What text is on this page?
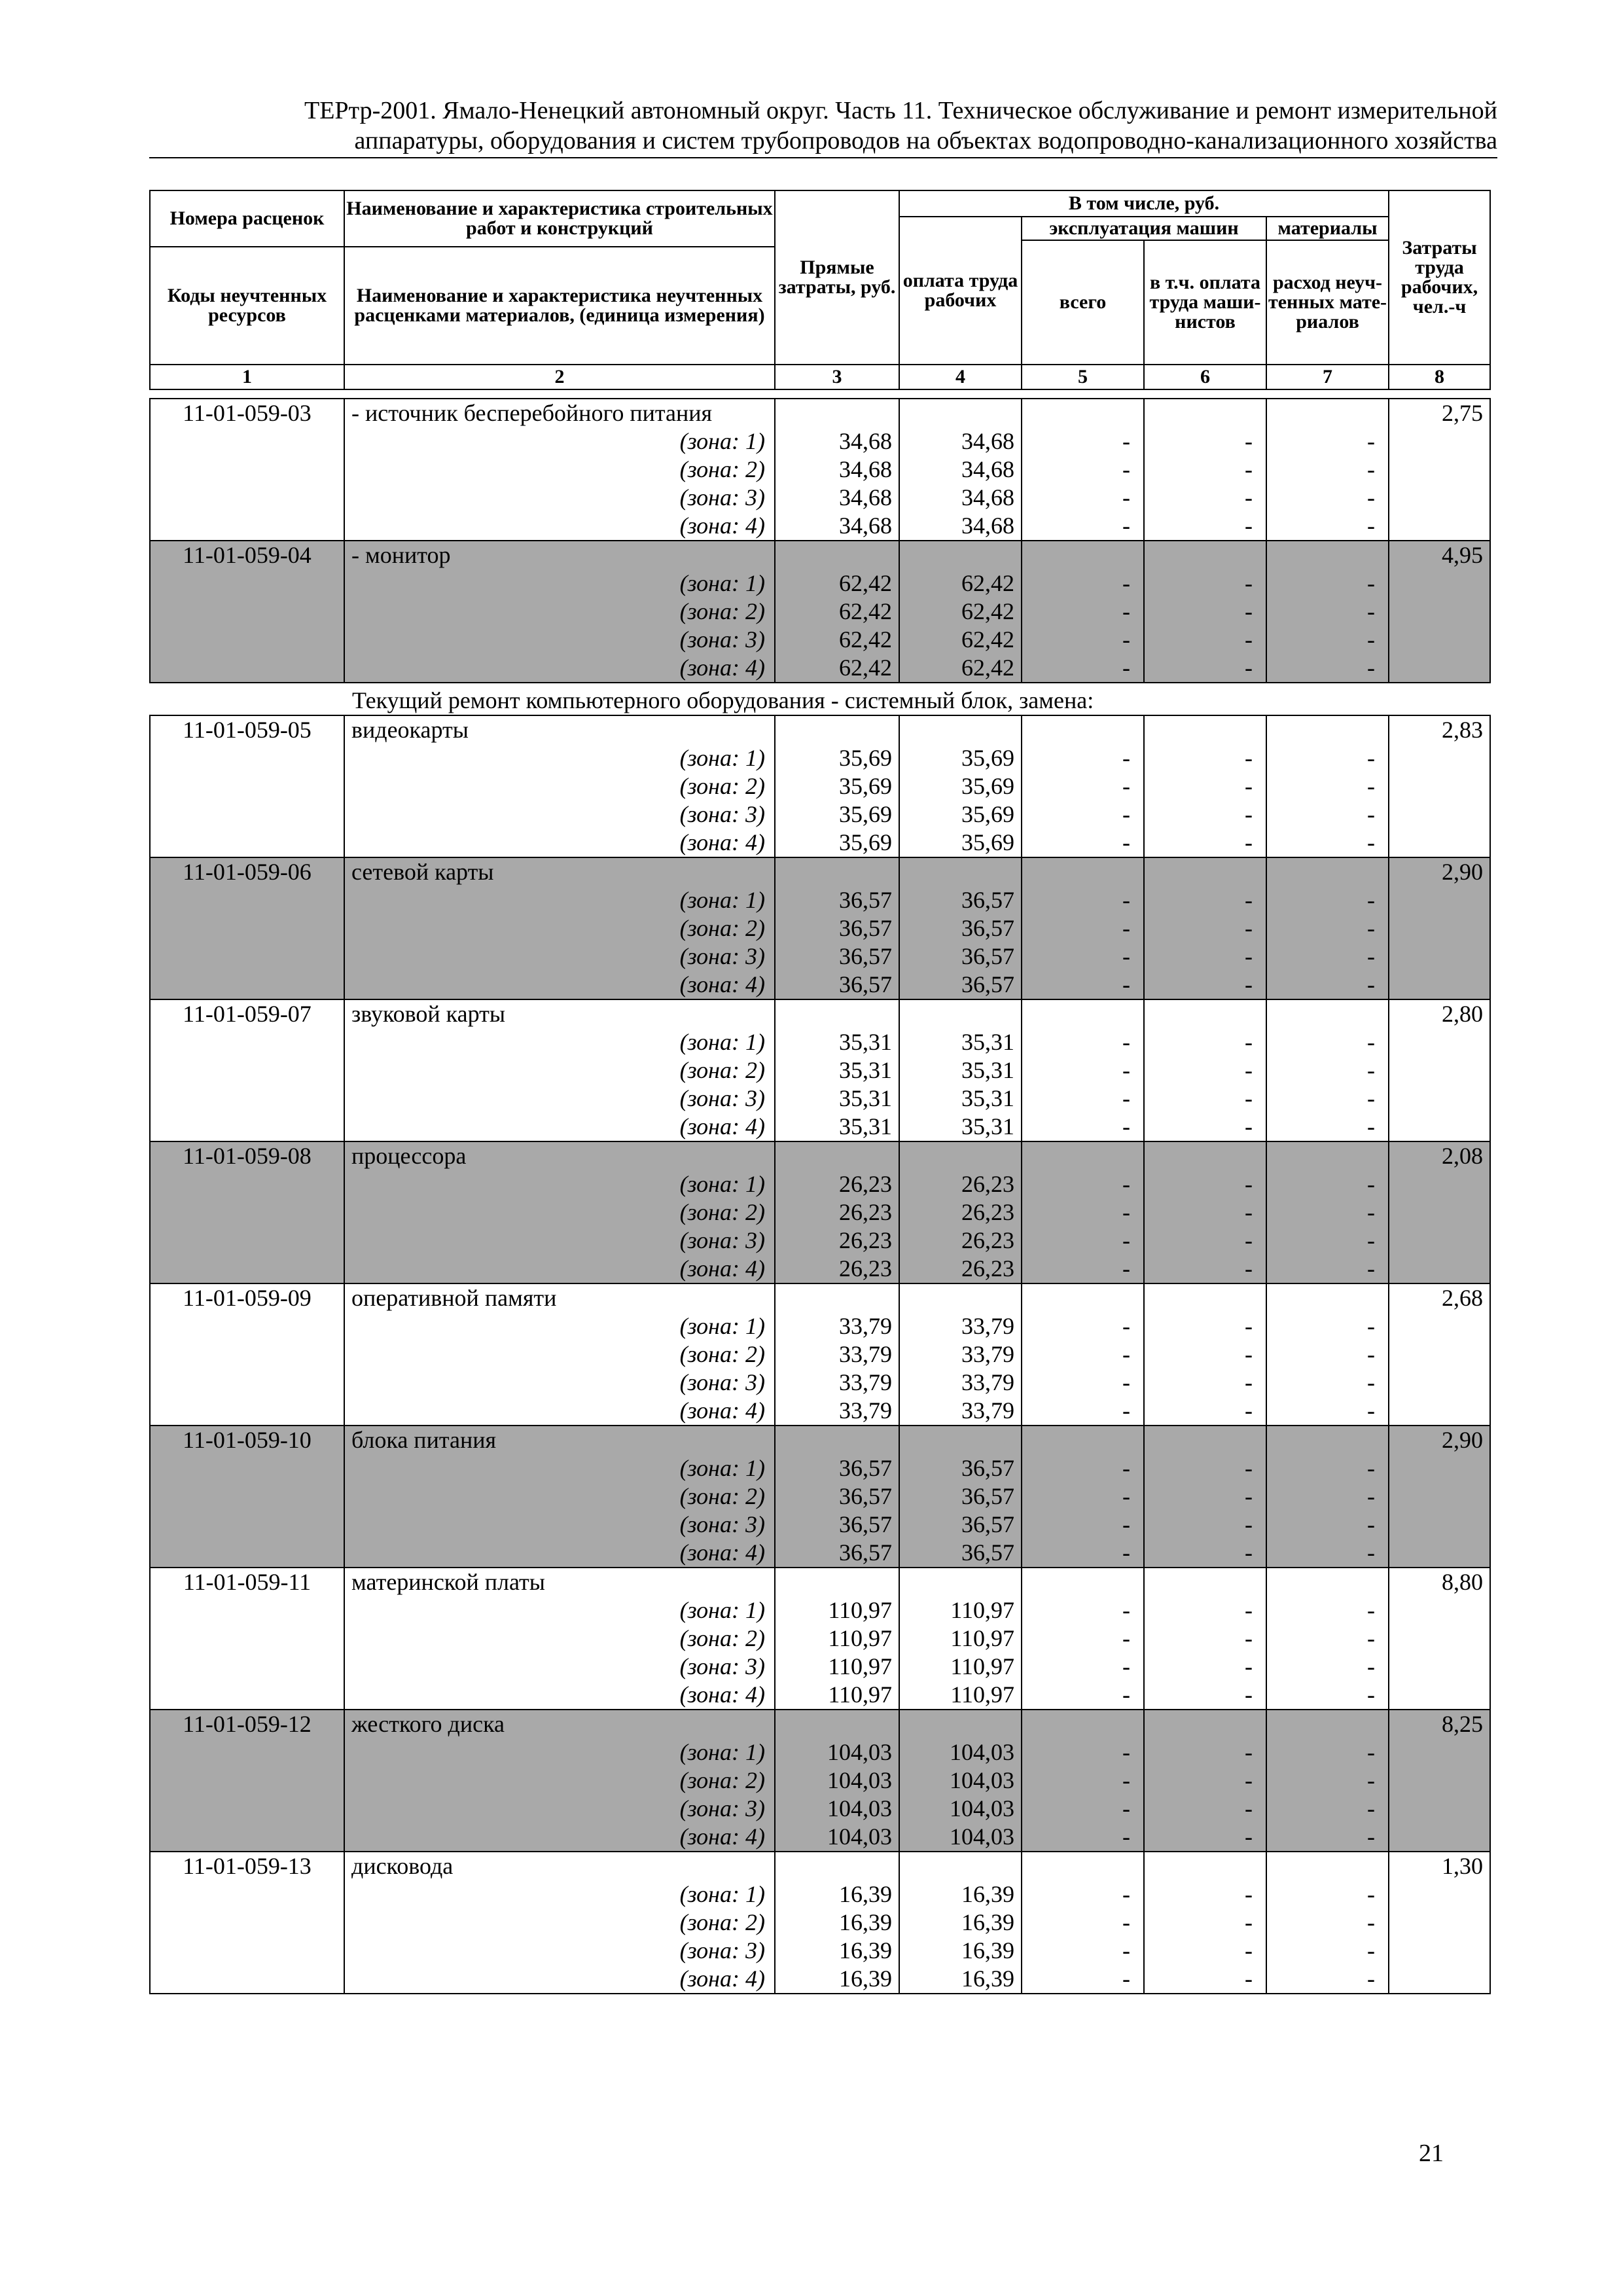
ТЕРтр-2001. Ямало-Ненецкий автономный округ. Часть 11. Техническое обслуживание и ремонт измерительной
аппаратуры, оборудования и систем трубопроводов на объектах водопроводно-канализационного хозяйства
Номера расценок	Наименование и характеристика строительных работ и конструкций	Прямые затраты, руб.	В том числе, руб.				Затраты труда рабочих, чел.-ч
			оплата труда рабочих	эксплуатация машин		материалы	
				всего	в т.ч. оплата труда маши-нистов	расход неуч-тенных мате-риалов	
Коды неучтенных ресурсов	Наименование и характеристика неучтенных расценками материалов, (единица измерения)						

1	2	3	4	5	6	7	8
11-01-059-03	- источник бесперебойного питания						2,75

	(зона: 1)	34,68	34,68	-	-	-	

	(зона: 2)	34,68	34,68	-	-	-	

	(зона: 3)	34,68	34,68	-	-	-	

	(зона: 4)	34,68	34,68	-	-	-	
11-01-059-04	- монитор						4,95

	(зона: 1)	62,42	62,42	-	-	-	

	(зона: 2)	62,42	62,42	-	-	-	

	(зона: 3)	62,42	62,42	-	-	-	

	(зона: 4)	62,42	62,42	-	-	-	
Текущий ремонт компьютерного оборудования - системный блок, замена:
11-01-059-05	видеокарты						2,83

	(зона: 1)	35,69	35,69	-	-	-	

	(зона: 2)	35,69	35,69	-	-	-	

	(зона: 3)	35,69	35,69	-	-	-	

	(зона: 4)	35,69	35,69	-	-	-	
11-01-059-06	сетевой карты						2,90

	(зона: 1)	36,57	36,57	-	-	-	

	(зона: 2)	36,57	36,57	-	-	-	

	(зона: 3)	36,57	36,57	-	-	-	

	(зона: 4)	36,57	36,57	-	-	-	
11-01-059-07	звуковой карты						2,80

	(зона: 1)	35,31	35,31	-	-	-	

	(зона: 2)	35,31	35,31	-	-	-	

	(зона: 3)	35,31	35,31	-	-	-	

	(зона: 4)	35,31	35,31	-	-	-	
11-01-059-08	процессора						2,08

	(зона: 1)	26,23	26,23	-	-	-	

	(зона: 2)	26,23	26,23	-	-	-	

	(зона: 3)	26,23	26,23	-	-	-	

	(зона: 4)	26,23	26,23	-	-	-	
11-01-059-09	оперативной памяти						2,68

	(зона: 1)	33,79	33,79	-	-	-	

	(зона: 2)	33,79	33,79	-	-	-	

	(зона: 3)	33,79	33,79	-	-	-	

	(зона: 4)	33,79	33,79	-	-	-	
11-01-059-10	блока питания						2,90

	(зона: 1)	36,57	36,57	-	-	-	

	(зона: 2)	36,57	36,57	-	-	-	

	(зона: 3)	36,57	36,57	-	-	-	

	(зона: 4)	36,57	36,57	-	-	-	
11-01-059-11	материнской платы						8,80

	(зона: 1)	110,97	110,97	-	-	-	

	(зона: 2)	110,97	110,97	-	-	-	

	(зона: 3)	110,97	110,97	-	-	-	

	(зона: 4)	110,97	110,97	-	-	-	
11-01-059-12	жесткого диска						8,25

	(зона: 1)	104,03	104,03	-	-	-	

	(зона: 2)	104,03	104,03	-	-	-	

	(зона: 3)	104,03	104,03	-	-	-	

	(зона: 4)	104,03	104,03	-	-	-	
11-01-059-13	дисковода						1,30

	(зона: 1)	16,39	16,39	-	-	-	

	(зона: 2)	16,39	16,39	-	-	-	

	(зона: 3)	16,39	16,39	-	-	-	

	(зона: 4)	16,39	16,39	-	-	-	
21
